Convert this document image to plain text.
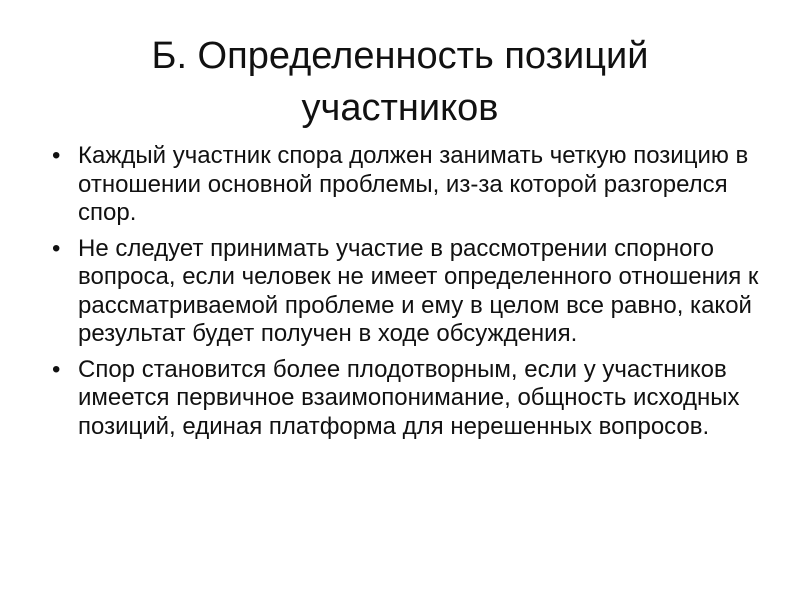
Б. Определенность позиций участников
• Каждый участник спора должен занимать четкую позицию в отношении основной проблемы, из-за которой разгорелся спор.
• Не следует принимать участие в рассмотрении спорного вопроса, если человек не имеет определенного отношения к рассматриваемой проблеме и ему в целом все равно, какой результат будет получен в ходе обсуждения.
• Спор становится более плодотворным, если у участников имеется первичное взаимопонимание, общность исходных позиций, единая платформа для нерешенных вопросов.
